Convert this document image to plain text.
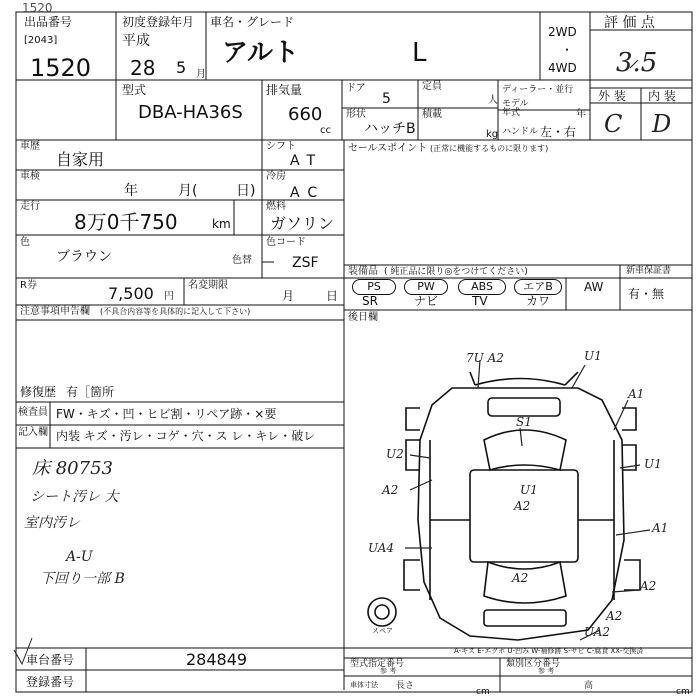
1520
出品番号
[2043]
1520
初度登録年月
平成
28 5 月
車名・グレード
アルト	L
2WD
・
4WD
評 価 点
3.5
外 装 内 装
C D
型式
DBA-HA36S
排気量
660
cc
ドア
5
定員
人
形状
ハッチB
積載
kg
ディーラー・並行
モデル
年式	年
ハンドル 左・右
車歴
自家用
シフト
AT
車検
年	月(	日)
冷房
AC
走行
8万0千750	km
燃料
ガソリン
色
ブラウン	色替
色コード
ZSF
R券	7,500 円
名変期限
月	日
注意事項申告欄 (不具合内容等を具体的に記入して下さい)
修復歴 有［箇所
検査員
記入欄
FW・キズ・凹・ヒビ割・リペア跡・×要
内装 キズ・汚レ・コゲ・穴・ス レ・キレ・破レ
床 80753
シート汚レ 大
室内汚レ
A-U
下回り一部 B
セールスポイント (正常に機能するものに限ります)
装備品 ( 純正品に限り◎をつけてください)	新車保証書
有・無
PS	PW	ABS	エアB	AW
SR	ナビ	TV	カワ
後日欄
7U A2	U1
A1
S1
U2
A2
U1
A2
U1
UA4
A1
A2
A2
UA2
A2
スペア
A-キズ E-エクボ U-凹み W-補修跡 S-サビ C-腐食 XX-交換済
車台番号	284849
登録番号
型式指定番号	類別区分番号
参 考	参 考
車体寸法 長さ
cm
高
cm
